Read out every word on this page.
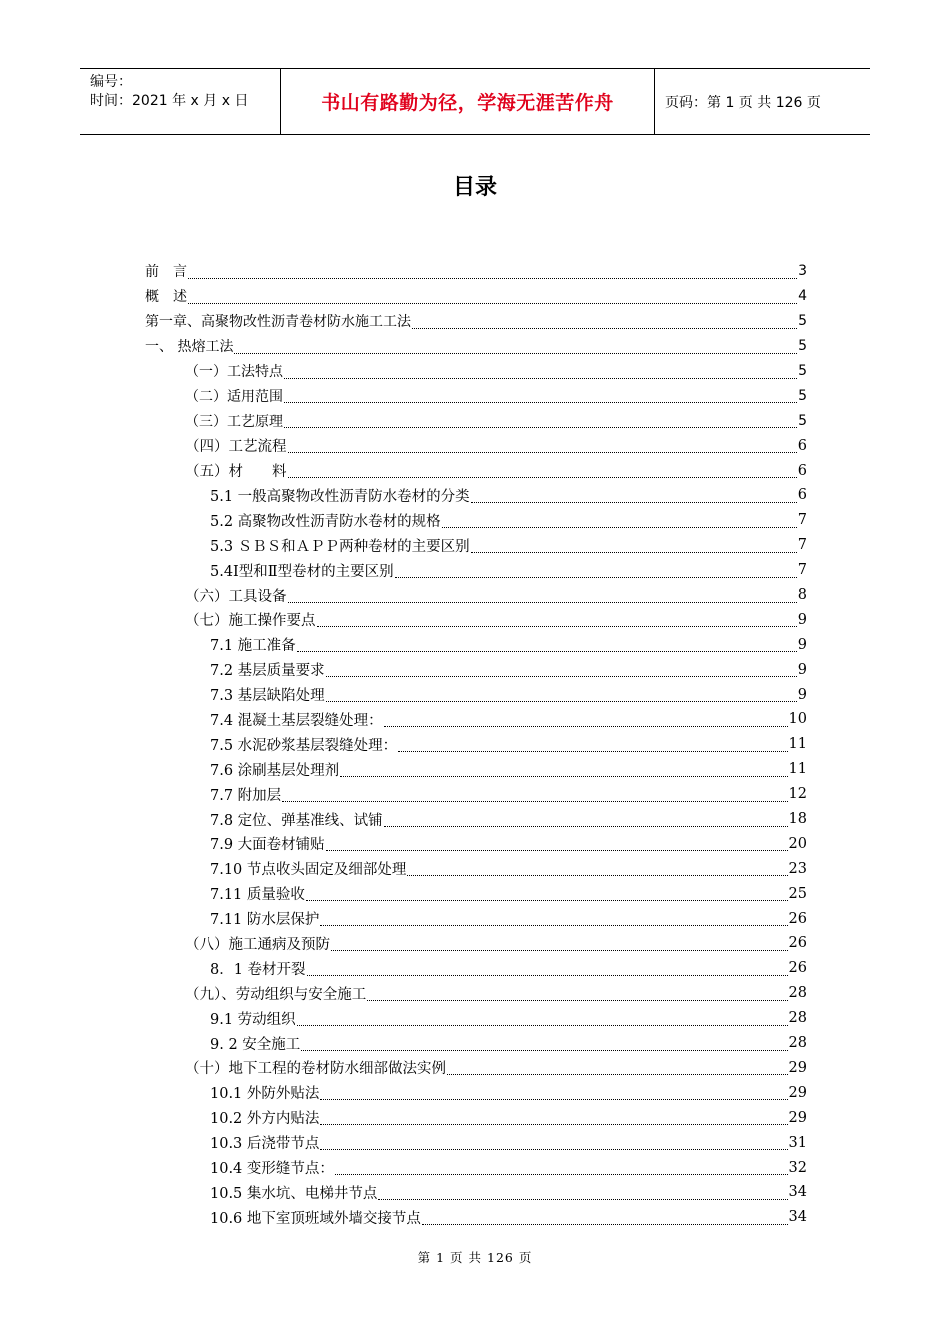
编号：
时间：2021 年 x 月 x 日	书山有路勤为径，学海无涯苦作舟	页码：第 1 页 共 126 页
目录
前　言	3
概　述	4
第一章、高聚物改性沥青卷材防水施工工法	5
一、 热熔工法	5
（一）工法特点	5
（二）适用范围	5
（三）工艺原理	5
（四）工艺流程	6
（五）材　　料	6
5.1 一般高聚物改性沥青防水卷材的分类	6
5.2 高聚物改性沥青防水卷材的规格	7
5.3 ＳＢＳ和ＡＰＰ两种卷材的主要区别	7
5.4Ⅰ型和Ⅱ型卷材的主要区别	7
（六）工具设备	8
（七）施工操作要点	9
7.1 施工准备	9
7.2 基层质量要求	9
7.3 基层缺陷处理	9
7.4 混凝土基层裂缝处理：	10
7.5 水泥砂浆基层裂缝处理：	11
7.6 涂刷基层处理剂	11
7.7 附加层	12
7.8 定位、弹基准线、试铺	18
7.9 大面卷材铺贴	20
7.10 节点收头固定及细部处理	23
7.11 质量验收	25
7.11 防水层保护	26
（八）施工通病及预防	26
8．1 卷材开裂	26
（九）、劳动组织与安全施工	28
9.1 劳动组织	28
9. 2 安全施工	28
（十）地下工程的卷材防水细部做法实例	29
10.1 外防外贴法	29
10.2 外方内贴法	29
10.3 后浇带节点	31
10.4 变形缝节点：	32
10.5 集水坑、电梯井节点	34
10.6 地下室顶班域外墙交接节点	34
第 1 页 共 126 页
